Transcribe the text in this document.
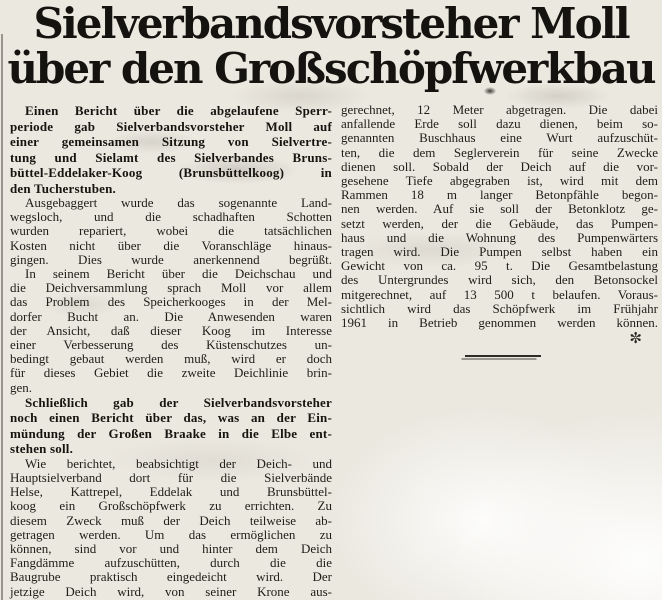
Sielverbandsvorsteher Moll
über den Großschöpfwerkbau
Einen Bericht über die abgelaufene Sperr-
periode gab Sielverbandsvorsteher Moll auf
einer gemeinsamen Sitzung von Sielvertre-
tung und Sielamt des Sielverbandes Bruns-
büttel-Eddelaker-Koog (Brunsbüttelkoog) in
den Tucherstuben.
Ausgebaggert wurde das sogenannte Land-
wegsloch, und die schadhaften Schotten
wurden repariert, wobei die tatsächlichen
Kosten nicht über die Voranschläge hinaus-
gingen. Dies wurde anerkennend begrüßt.
In seinem Bericht über die Deichschau und
die Deichversammlung sprach Moll vor allem
das Problem des Speicherkooges in der Mel-
dorfer Bucht an. Die Anwesenden waren
der Ansicht, daß dieser Koog im Interesse
einer Verbesserung des Küstenschutzes un-
bedingt gebaut werden muß, wird er doch
für dieses Gebiet die zweite Deichlinie brin-
gen.
Schließlich gab der Sielverbandsvorsteher
noch einen Bericht über das, was an der Ein-
mündung der Großen Braake in die Elbe ent-
stehen soll.
Wie berichtet, beabsichtigt der Deich- und
Hauptsielverband dort für die Sielverbände
Helse, Kattrepel, Eddelak und Brunsbüttel-
koog ein Großschöpfwerk zu errichten. Zu
diesem Zweck muß der Deich teilweise ab-
getragen werden. Um das ermöglichen zu
können, sind vor und hinter dem Deich
Fangdämme aufzuschütten, durch die die
Baugrube praktisch eingedeicht wird. Der
jetzige Deich wird, von seiner Krone aus-
gerechnet, 12 Meter abgetragen. Die dabei
anfallende Erde soll dazu dienen, beim so-
genannten Buschhaus eine Wurt aufzuschüt-
ten, die dem Seglerverein für seine Zwecke
dienen soll. Sobald der Deich auf die vor-
gesehene Tiefe abgegraben ist, wird mit dem
Rammen 18 m langer Betonpfähle begon-
nen werden. Auf sie soll der Betonklotz ge-
setzt werden, der die Gebäude, das Pumpen-
haus und die Wohnung des Pumpenwärters
tragen wird. Die Pumpen selbst haben ein
Gewicht von ca. 95 t. Die Gesamtbelastung
des Untergrundes wird sich, den Betonsockel
mitgerechnet, auf 13 500 t belaufen. Voraus-
sichtlich wird das Schöpfwerk im Frühjahr
1961 in Betrieb genommen werden können.
✼
